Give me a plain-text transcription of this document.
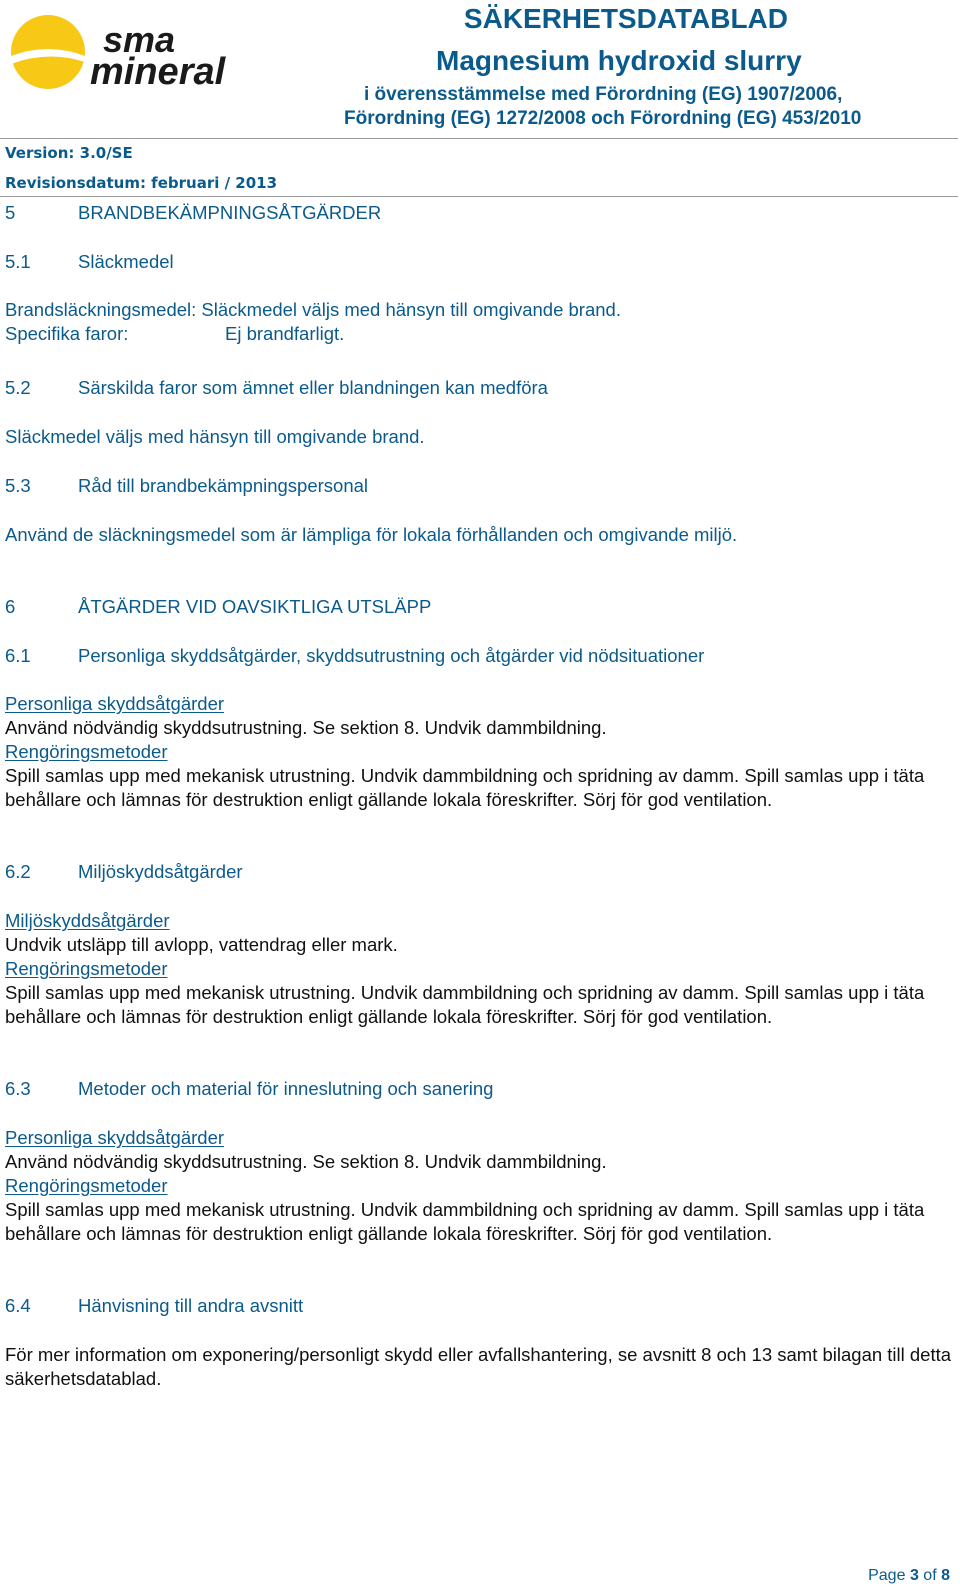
sma
mineral
SÄKERHETSDATABLAD
Magnesium hydroxid slurry
i överensstämmelse med Förordning (EG) 1907/2006,
Förordning (EG) 1272/2008 och Förordning (EG) 453/2010
Version: 3.0/SE
Revisionsdatum: februari / 2013
5	BRANDBEKÄMPNINGSÅTGÄRDER
5.1	Släckmedel
Brandsläckningsmedel: Släckmedel väljs med hänsyn till omgivande brand.
Specifika faror:	Ej brandfarligt.
5.2	Särskilda faror som ämnet eller blandningen kan medföra
Släckmedel väljs med hänsyn till omgivande brand.
5.3	Råd till brandbekämpningspersonal
Använd de släckningsmedel som är lämpliga för lokala förhållanden och omgivande miljö.
6	ÅTGÄRDER VID OAVSIKTLIGA UTSLÄPP
6.1	Personliga skyddsåtgärder, skyddsutrustning och åtgärder vid nödsituationer
Personliga skyddsåtgärder
Använd nödvändig skyddsutrustning. Se sektion 8. Undvik dammbildning.
Rengöringsmetoder
Spill samlas upp med mekanisk utrustning. Undvik dammbildning och spridning av damm. Spill samlas upp i täta behållare och lämnas för destruktion enligt gällande lokala föreskrifter. Sörj för god ventilation.
6.2	Miljöskyddsåtgärder
Miljöskyddsåtgärder
Undvik utsläpp till avlopp, vattendrag eller mark.
Rengöringsmetoder
Spill samlas upp med mekanisk utrustning. Undvik dammbildning och spridning av damm. Spill samlas upp i täta behållare och lämnas för destruktion enligt gällande lokala föreskrifter. Sörj för god ventilation.
6.3	Metoder och material för inneslutning och sanering
Personliga skyddsåtgärder
Använd nödvändig skyddsutrustning. Se sektion 8. Undvik dammbildning.
Rengöringsmetoder
Spill samlas upp med mekanisk utrustning. Undvik dammbildning och spridning av damm. Spill samlas upp i täta behållare och lämnas för destruktion enligt gällande lokala föreskrifter. Sörj för god ventilation.
6.4	Hänvisning till andra avsnitt
För mer information om exponering/personligt skydd eller avfallshantering, se avsnitt 8 och 13 samt bilagan till detta säkerhetsdatablad.
Page 3 of 8
